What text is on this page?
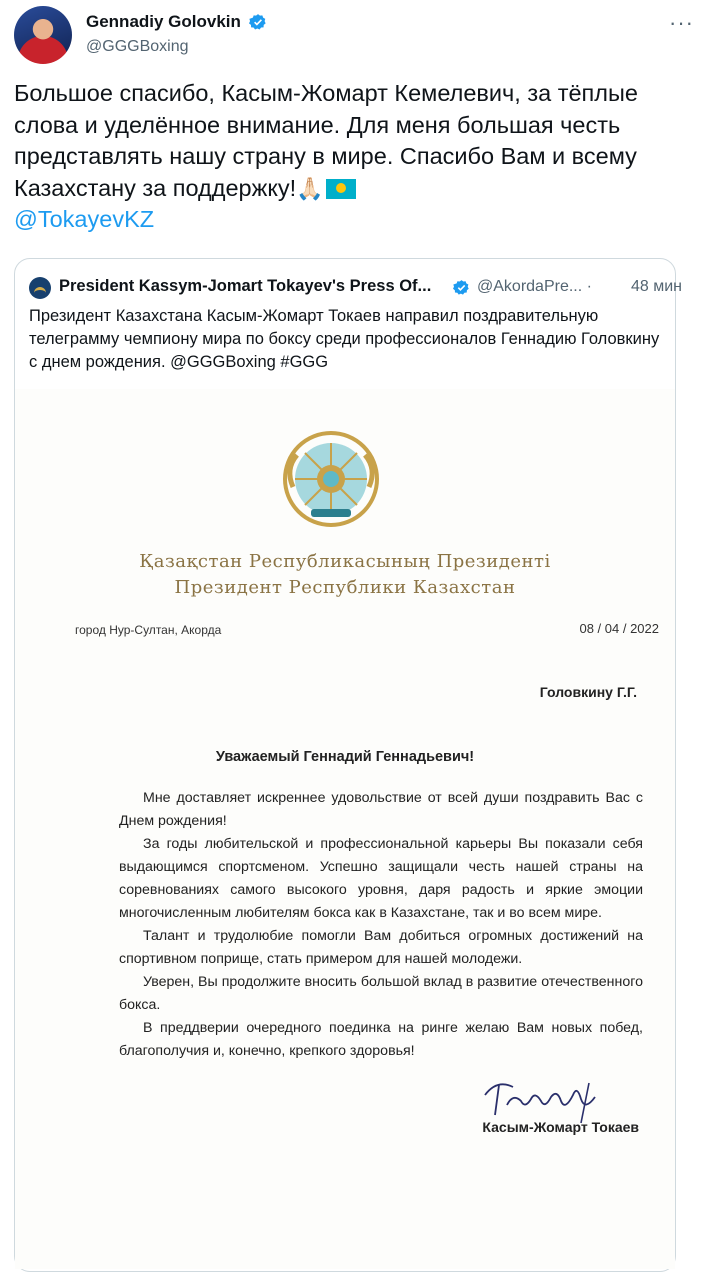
Gennadiy Golovkin
@GGGBoxing
···
Большое спасибо, Касым-Жомарт Кемелевич, за тёплые слова и уделённое внимание. Для меня большая честь представлять нашу страну в мире. Спасибо Вам и всему Казахстану за поддержку!🙏🏻
@TokayevKZ
President Kassym-Jomart Tokayev's Press Of...	@AkordaPre... · 48 мин
Президент Казахстана Касым-Жомарт Токаев направил поздравительную телеграмму чемпиону мира по боксу среди профессионалов Геннадию Головкину с днем рождения. @GGGBoxing #GGG
Қазақстан Республикасының Президенті
Президент Республики Казахстан
город Нур-Султан, Акорда	08 / 04 / 2022
Головкину Г.Г.
Уважаемый Геннадий Геннадьевич!

Мне доставляет искреннее удовольствие от всей души поздравить Вас с Днем рождения!

За годы любительской и профессиональной карьеры Вы показали себя выдающимся спортсменом. Успешно защищали честь нашей страны на соревнованиях самого высокого уровня, даря радость и яркие эмоции многочисленным любителям бокса как в Казахстане, так и во всем мире.

Талант и трудолюбие помогли Вам добиться огромных достижений на спортивном поприще, стать примером для нашей молодежи.

Уверен, Вы продолжите вносить большой вклад в развитие отечественного бокса.

В преддверии очередного поединка на ринге желаю Вам новых побед, благополучия и, конечно, крепкого здоровья!

Касым-Жомарт Токаев
